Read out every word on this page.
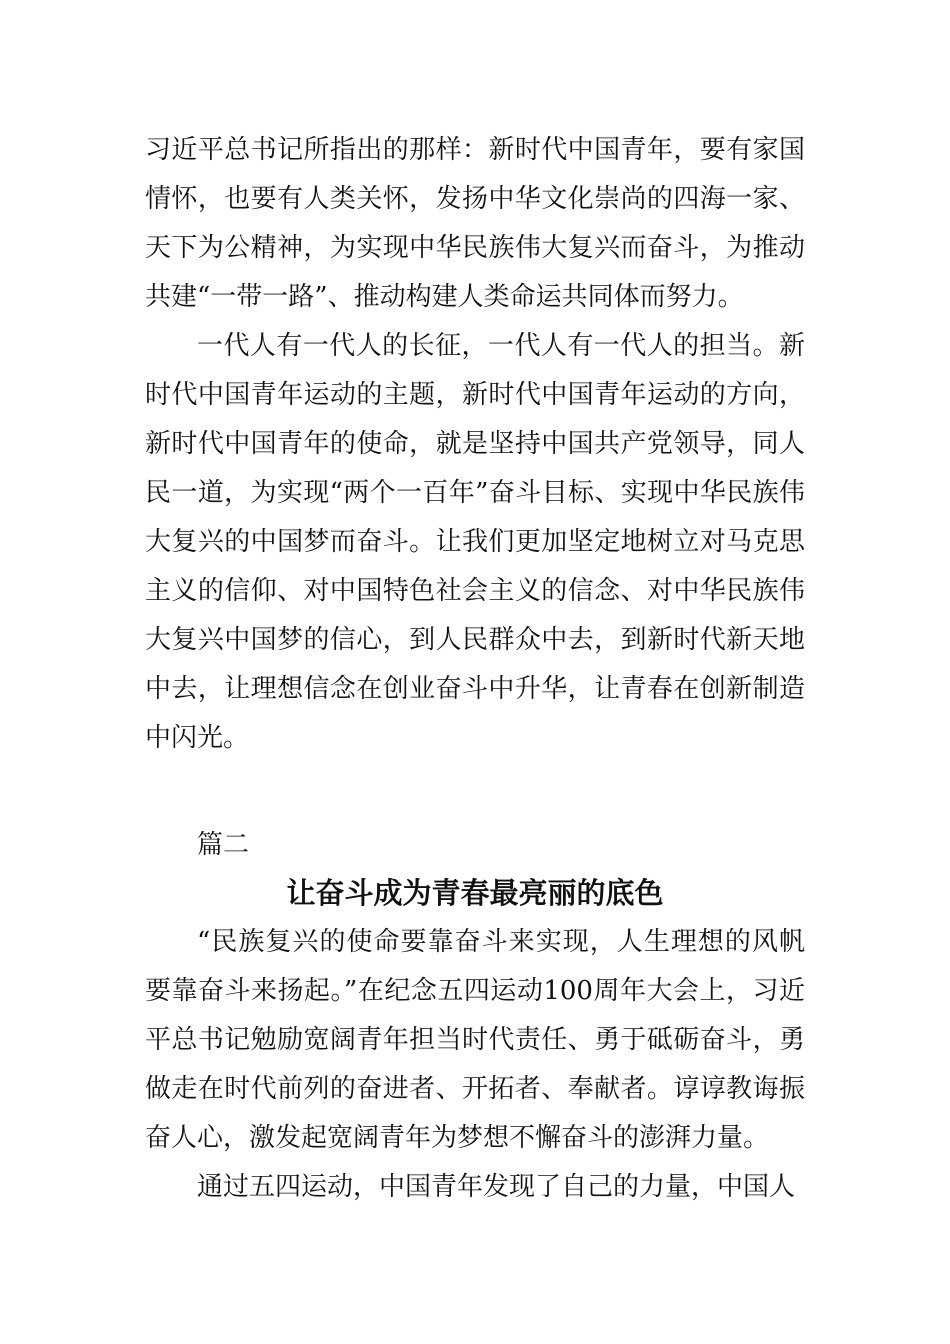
习近平总书记所指出的那样：新时代中国青年，要有家国情怀，也要有人类关怀，发扬中华文化崇尚的四海一家、天下为公精神，为实现中华民族伟大复兴而奋斗，为推动共建“一带一路”、推动构建人类命运共同体而努力。

一代人有一代人的长征，一代人有一代人的担当。新时代中国青年运动的主题，新时代中国青年运动的方向，新时代中国青年的使命，就是坚持中国共产党领导，同人民一道，为实现“两个一百年”奋斗目标、实现中华民族伟大复兴的中国梦而奋斗。让我们更加坚定地树立对马克思主义的信仰、对中国特色社会主义的信念、对中华民族伟大复兴中国梦的信心，到人民群众中去，到新时代新天地中去，让理想信念在创业奋斗中升华，让青春在创新制造中闪光。

篇二

让奋斗成为青春最亮丽的底色

“民族复兴的使命要靠奋斗来实现，人生理想的风帆要靠奋斗来扬起。”在纪念五四运动100周年大会上，习近平总书记勉励宽阔青年担当时代责任、勇于砥砺奋斗，勇做走在时代前列的奋进者、开拓者、奉献者。谆谆教诲振奋人心，激发起宽阔青年为梦想不懈奋斗的澎湃力量。

通过五四运动，中国青年发现了自己的力量，中国人
